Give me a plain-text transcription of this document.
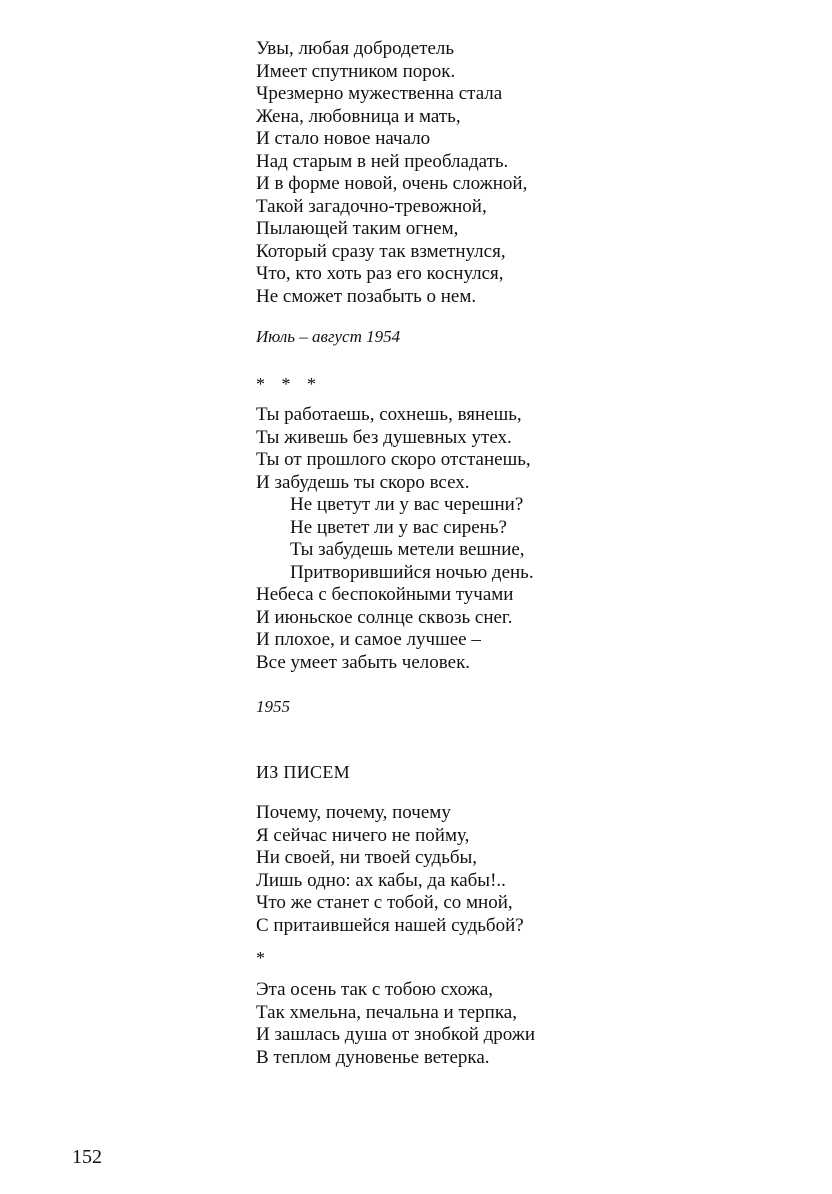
Увы, любая добродетель
Имеет спутником порок.
Чрезмерно мужественна стала
Жена, любовница и мать,
И стало новое начало
Над старым в ней преобладать.
И в форме новой, очень сложной,
Такой загадочно-тревожной,
Пылающей таким огнем,
Который сразу так взметнулся,
Что, кто хоть раз его коснулся,
Не сможет позабыть о нем.
Июль – август 1954
* * *
Ты работаешь, сохнешь, вянешь,
Ты живешь без душевных утех.
Ты от прошлого скоро отстанешь,
И забудешь ты скоро всех.
Не цветут ли у вас черешни?
Не цветет ли у вас сирень?
Ты забудешь метели вешние,
Притворившийся ночью день.
Небеса с беспокойными тучами
И июньское солнце сквозь снег.
И плохое, и самое лучшее –
Все умеет забыть человек.
1955
ИЗ ПИСЕМ
Почему, почему, почему
Я сейчас ничего не пойму,
Ни своей, ни твоей судьбы,
Лишь одно: ах кабы, да кабы!..
Что же станет с тобой, со мной,
С притаившейся нашей судьбой?
*
Эта осень так с тобою схожа,
Так хмельна, печальна и терпка,
И зашлась душа от знобкой дрожи
В теплом дуновенье ветерка.
152
